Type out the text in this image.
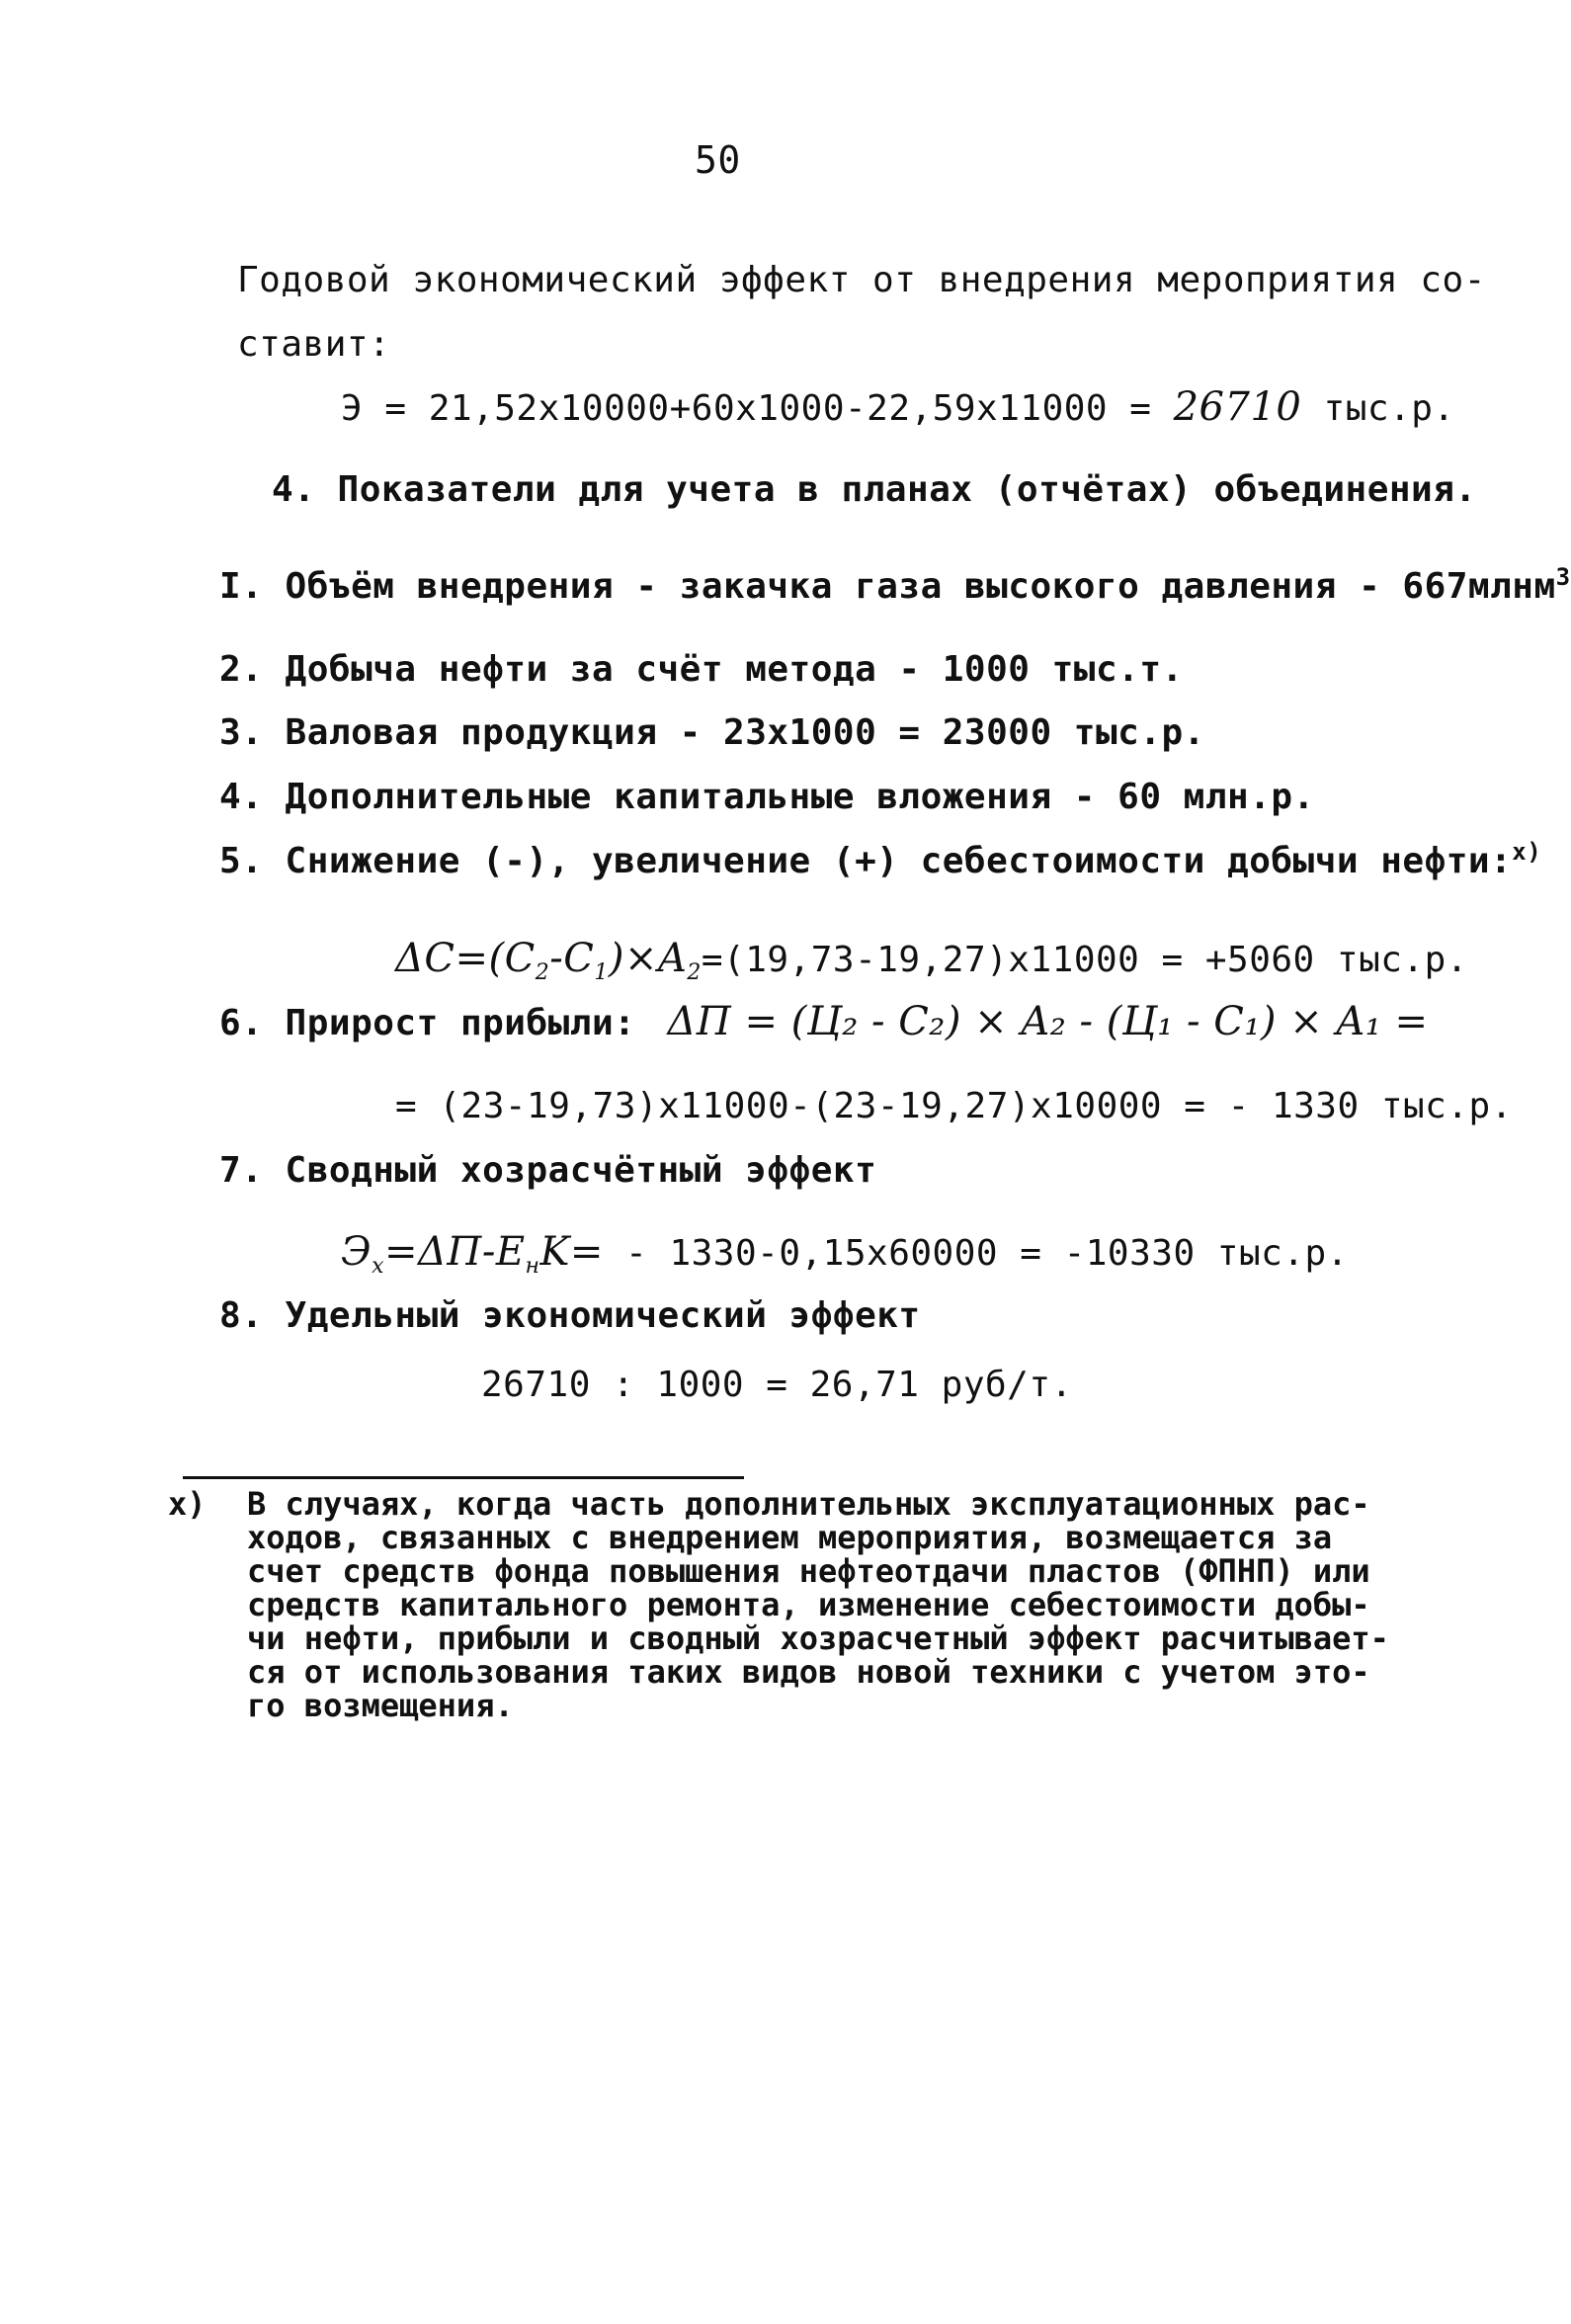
50
Годовой экономический эффект от внедрения мероприятия со-
ставит:
Э = 21,52х10000+60х1000-22,59х11000 = 26710 тыс.р.
4. Показатели для учета в планах (отчётах) объединения.
I. Объём внедрения - закачка газа высокого давления - 667млнм$^3$
2. Добыча нефти за счёт метода - 1000 тыс.т.
3. Валовая продукция - 23х1000 = 23000 тыс.р.
4. Дополнительные капитальные вложения - 60 млн.р.
5. Снижение (-), увеличение (+) себестоимости добычи нефти:$^{х)}$
$\Delta C=(C_2-C_1)\times A_2=(19,73-19,27)х11000 = +5060$ тыс.р.
6. Прирост прибыли: ΔП = (Ц₂ - C₂) × A₂ - (Ц₁ - C₁) × A₁ =
= (23-19,73)х11000-(23-19,27)х10000 = - 1330 тыс.р.
7. Сводный хозрасчётный эффект
$Э_х=\Delta П-E_нK= - 1330-0,15х60000 = -10330$ тыс.р.
8. Удельный экономический эффект
26710 : 1000 = 26,71 руб/т.
х) В случаях, когда часть дополнительных эксплуатационных рас-
ходов, связанных с внедрением мероприятия, возмещается за
счет средств фонда повышения нефтеотдачи пластов (ФПНП) или
средств капитального ремонта, изменение себестоимости добы-
чи нефти, прибыли и сводный хозрасчетный эффект расчитывает-
ся от использования таких видов новой техники с учетом это-
го возмещения.
